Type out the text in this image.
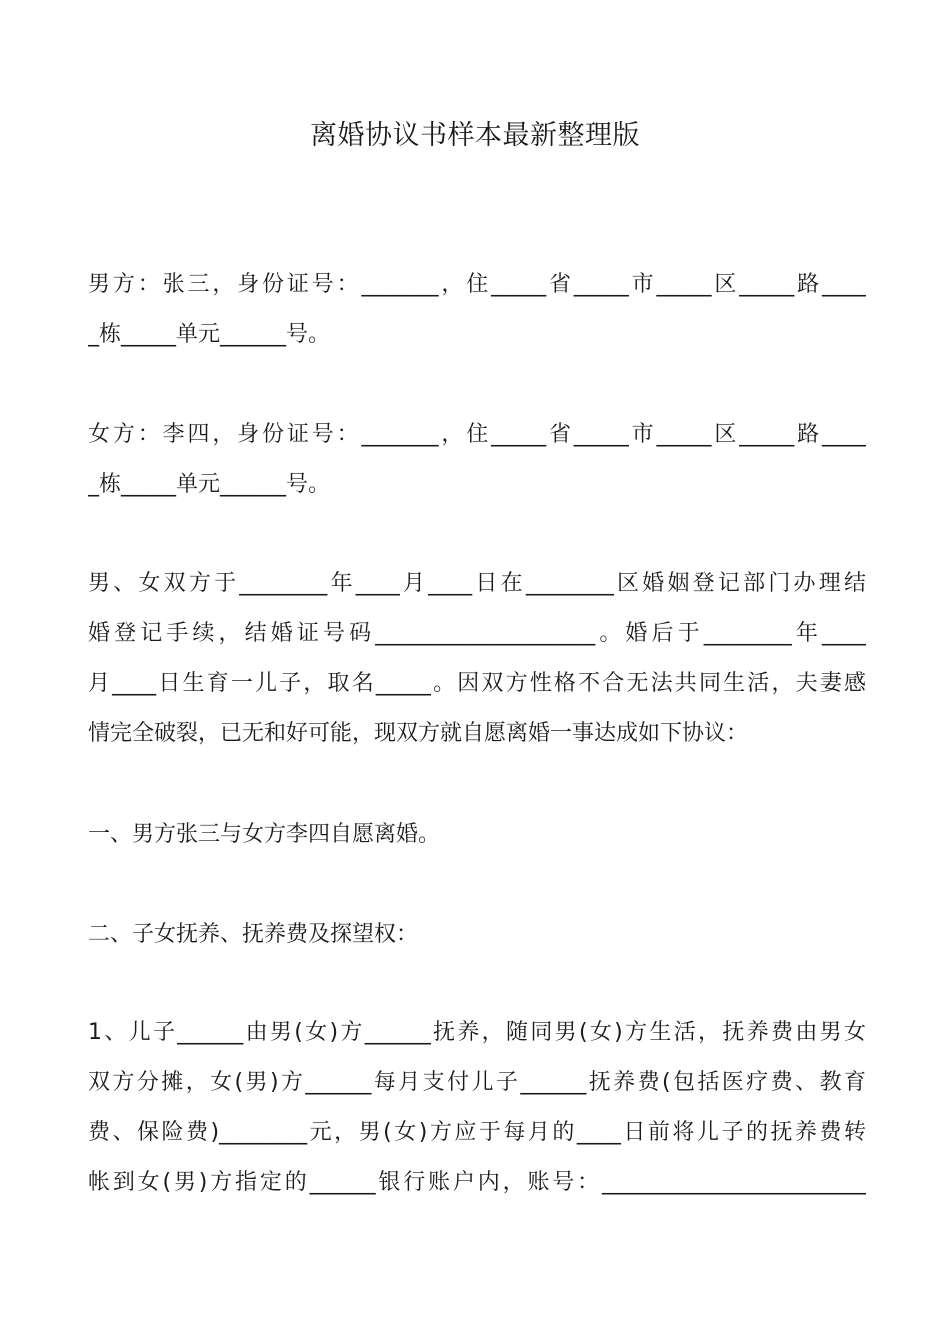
离婚协议书样本最新整理版
男方：张三，身份证号：_______，住_____省_____市_____区_____路____
_栋_____单元______号。
女方：李四，身份证号：_______，住_____省_____市_____区_____路____
_栋_____单元______号。
男、女双方于________年____月____日在________区婚姻登记部门办理结
婚登记手续，结婚证号码____________________。婚后于________年____
月____日生育一儿子，取名_____。因双方性格不合无法共同生活，夫妻感
情完全破裂，已无和好可能，现双方就自愿离婚一事达成如下协议：
一、男方张三与女方李四自愿离婚。
二、子女抚养、抚养费及探望权：
1、儿子______由男(女)方______抚养，随同男(女)方生活，抚养费由男女
双方分摊，女(男)方______每月支付儿子______抚养费(包括医疗费、教育
费、保险费)________元，男(女)方应于每月的____日前将儿子的抚养费转
帐到女(男)方指定的______银行账户内，账号：________________________
